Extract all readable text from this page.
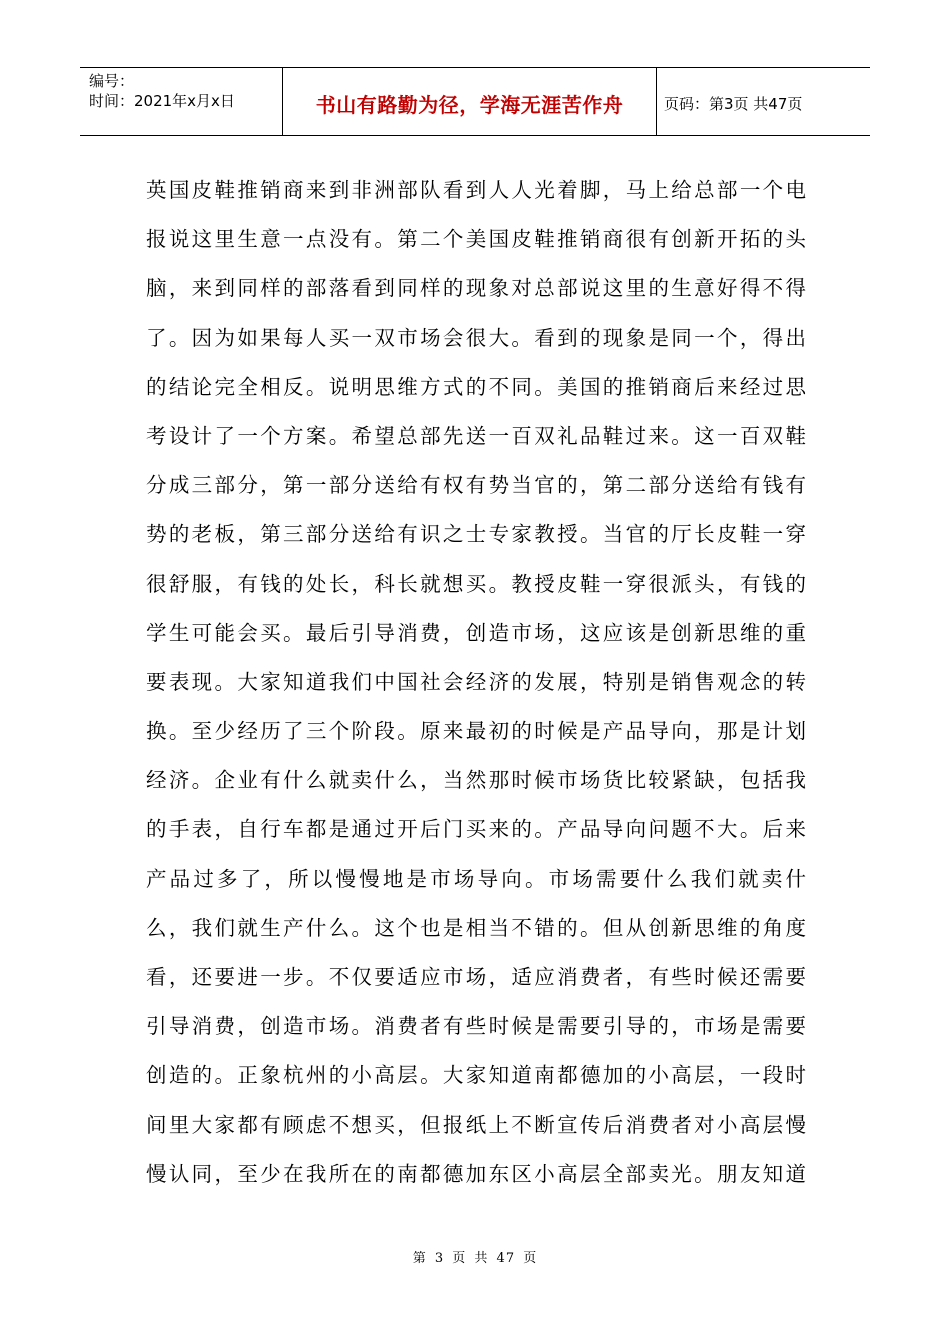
编号：
时间：2021年x月x日	书山有路勤为径，学海无涯苦作舟	页码：第3页 共47页
英国皮鞋推销商来到非洲部队看到人人光着脚，马上给总部一个电
报说这里生意一点没有。第二个美国皮鞋推销商很有创新开拓的头
脑，来到同样的部落看到同样的现象对总部说这里的生意好得不得
了。因为如果每人买一双市场会很大。看到的现象是同一个，得出
的结论完全相反。说明思维方式的不同。美国的推销商后来经过思
考设计了一个方案。希望总部先送一百双礼品鞋过来。这一百双鞋
分成三部分，第一部分送给有权有势当官的，第二部分送给有钱有
势的老板，第三部分送给有识之士专家教授。当官的厅长皮鞋一穿
很舒服，有钱的处长，科长就想买。教授皮鞋一穿很派头，有钱的
学生可能会买。最后引导消费，创造市场，这应该是创新思维的重
要表现。大家知道我们中国社会经济的发展，特别是销售观念的转
换。至少经历了三个阶段。原来最初的时候是产品导向，那是计划
经济。企业有什么就卖什么，当然那时候市场货比较紧缺，包括我
的手表，自行车都是通过开后门买来的。产品导向问题不大。后来
产品过多了，所以慢慢地是市场导向。市场需要什么我们就卖什
么，我们就生产什么。这个也是相当不错的。但从创新思维的角度
看，还要进一步。不仅要适应市场，适应消费者，有些时候还需要
引导消费，创造市场。消费者有些时候是需要引导的，市场是需要
创造的。正象杭州的小高层。大家知道南都德加的小高层，一段时
间里大家都有顾虑不想买，但报纸上不断宣传后消费者对小高层慢
慢认同，至少在我所在的南都德加东区小高层全部卖光。朋友知道
第 3 页 共 47 页
